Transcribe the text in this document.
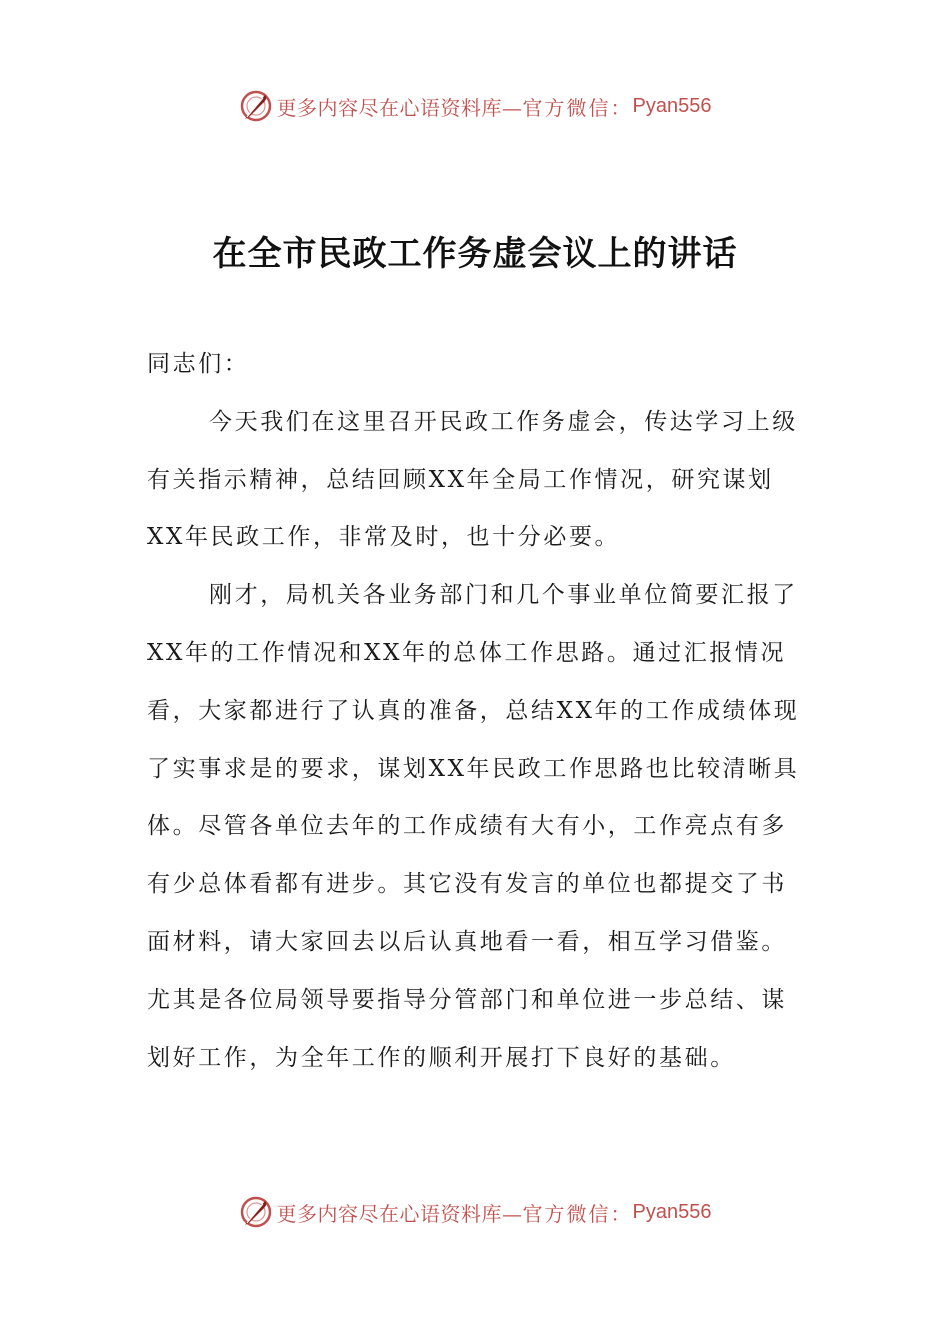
更多内容尽在心语资料库— 官方微信： Pyan556
在全市民政工作务虚会议上的讲话

同志们：

今天我们在这里召开民政工作务虚会，传达学习上级有关指示精神，总结回顾XX年全局工作情况，研究谋划XX年民政工作，非常及时，也十分必要。

刚才，局机关各业务部门和几个事业单位简要汇报了XX年的工作情况和XX年的总体工作思路。通过汇报情况看，大家都进行了认真的准备，总结XX年的工作成绩体现了实事求是的要求，谋划XX年民政工作思路也比较清晰具体。尽管各单位去年的工作成绩有大有小，工作亮点有多有少总体看都有进步。其它没有发言的单位也都提交了书面材料，请大家回去以后认真地看一看，相互学习借鉴。尤其是各位局领导要指导分管部门和单位进一步总结、谋划好工作，为全年工作的顺利开展打下良好的基础。

更多内容尽在心语资料库— 官方微信： Pyan556
